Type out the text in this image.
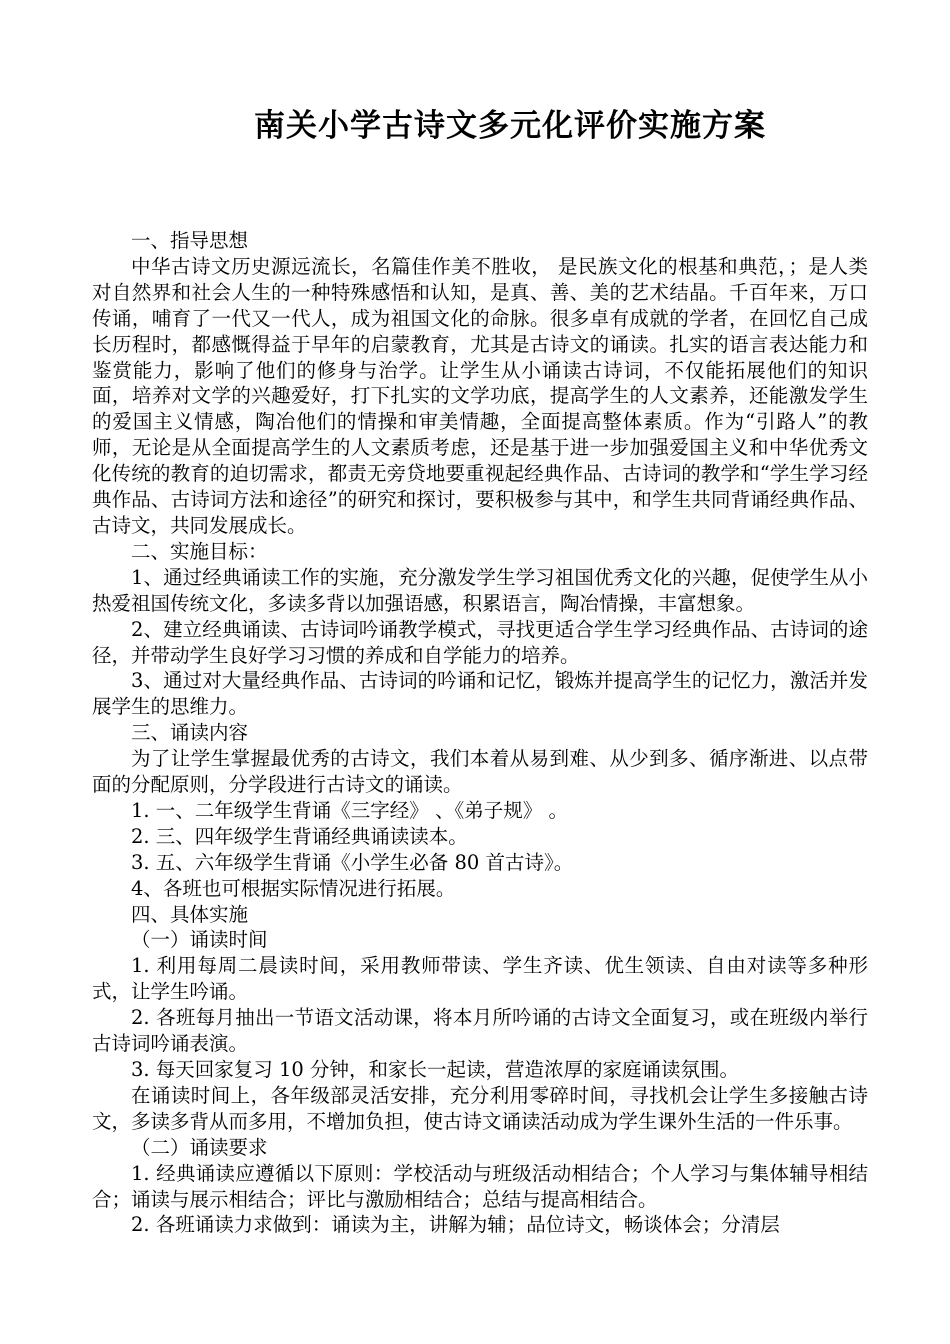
南关小学古诗文多元化评价实施方案

一、指导思想

中华古诗文历史源远流长，名篇佳作美不胜收， 是民族文化的根基和典范，；是人类对自然界和社会人生的一种特殊感悟和认知，是真、善、美的艺术结晶。千百年来，万口传诵，哺育了一代又一代人，成为祖国文化的命脉。很多卓有成就的学者，在回忆自己成长历程时，都感慨得益于早年的启蒙教育，尤其是古诗文的诵读。扎实的语言表达能力和鉴赏能力，影响了他们的修身与治学。让学生从小诵读古诗词，不仅能拓展他们的知识面，培养对文学的兴趣爱好，打下扎实的文学功底，提高学生的人文素养，还能激发学生的爱国主义情感，陶冶他们的情操和审美情趣，全面提高整体素质。作为“引路人”的教师，无论是从全面提高学生的人文素质考虑，还是基于进一步加强爱国主义和中华优秀文化传统的教育的迫切需求，都责无旁贷地要重视起经典作品、古诗词的教学和“学生学习经典作品、古诗词方法和途径”的研究和探讨，要积极参与其中，和学生共同背诵经典作品、古诗文，共同发展成长。

二、实施目标：

1、通过经典诵读工作的实施，充分激发学生学习祖国优秀文化的兴趣，促使学生从小热爱祖国传统文化，多读多背以加强语感，积累语言，陶冶情操，丰富想象。

2、建立经典诵读、古诗词吟诵教学模式，寻找更适合学生学习经典作品、古诗词的途径，并带动学生良好学习习惯的养成和自学能力的培养。

3、通过对大量经典作品、古诗词的吟诵和记忆，锻炼并提高学生的记忆力，激活并发展学生的思维力。

三、诵读内容

为了让学生掌握最优秀的古诗文，我们本着从易到难、从少到多、循序渐进、以点带面的分配原则，分学段进行古诗文的诵读。

1. 一、二年级学生背诵《三字经》 、《弟子规》 。

2. 三、四年级学生背诵经典诵读读本。

3. 五、六年级学生背诵《小学生必备 80 首古诗》。

4、各班也可根据实际情况进行拓展。

四、具体实施

（一）诵读时间

1. 利用每周二晨读时间，采用教师带读、学生齐读、优生领读、自由对读等多种形式，让学生吟诵。

2. 各班每月抽出一节语文活动课，将本月所吟诵的古诗文全面复习，或在班级内举行古诗词吟诵表演。

3. 每天回家复习 10 分钟，和家长一起读，营造浓厚的家庭诵读氛围。

在诵读时间上，各年级部灵活安排，充分利用零碎时间，寻找机会让学生多接触古诗文，多读多背从而多用，不增加负担，使古诗文诵读活动成为学生课外生活的一件乐事。

（二）诵读要求

1. 经典诵读应遵循以下原则：学校活动与班级活动相结合；个人学习与集体辅导相结合；诵读与展示相结合；评比与激励相结合；总结与提高相结合。

2. 各班诵读力求做到：诵读为主，讲解为辅；品位诗文，畅谈体会；分清层
